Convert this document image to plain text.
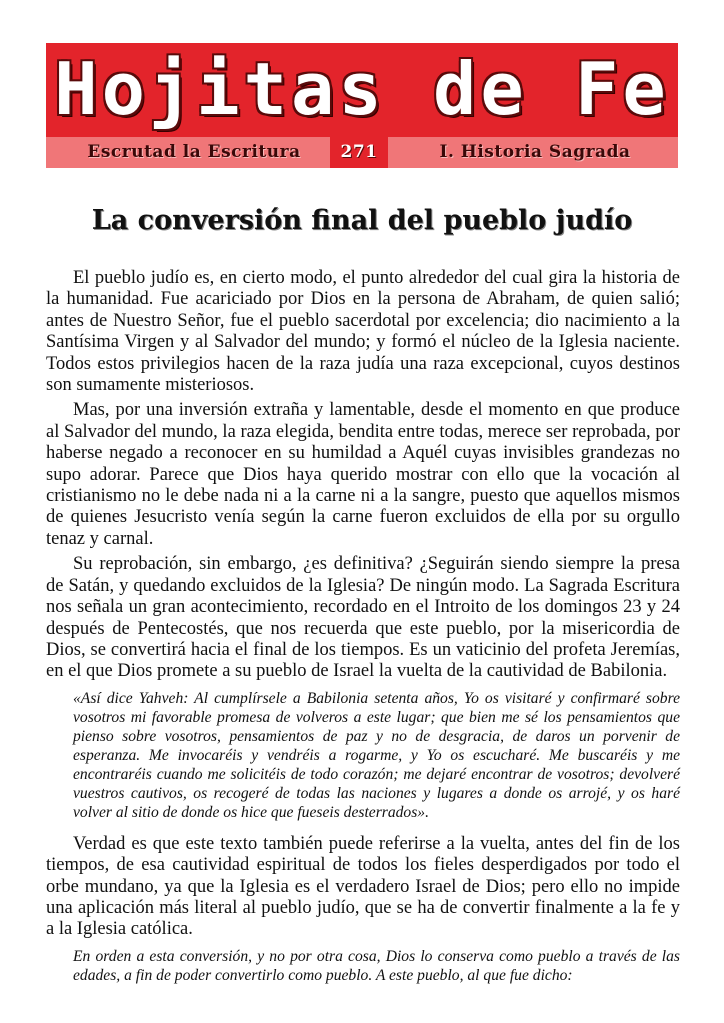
Hojitas de Fe
Escrutad la Escritura	271	I. Historia Sagrada
La conversión final del pueblo judío

El pueblo judío es, en cierto modo, el punto alrededor del cual gira la historia de la humanidad. Fue acariciado por Dios en la persona de Abraham, de quien salió; antes de Nuestro Señor, fue el pueblo sacerdotal por excelencia; dio nacimiento a la Santísima Virgen y al Salvador del mundo; y formó el núcleo de la Iglesia naciente. Todos estos privilegios hacen de la raza judía una raza excepcional, cuyos destinos son sumamente misteriosos.

Mas, por una inversión extraña y lamentable, desde el momento en que produce al Salvador del mundo, la raza elegida, bendita entre todas, merece ser reprobada, por haberse negado a reconocer en su humildad a Aquél cuyas invisibles grandezas no supo adorar. Parece que Dios haya querido mostrar con ello que la vocación al cristianismo no le debe nada ni a la carne ni a la sangre, puesto que aquellos mismos de quienes Jesucristo venía según la carne fueron excluidos de ella por su orgullo tenaz y carnal.

Su reprobación, sin embargo, ¿es definitiva? ¿Seguirán siendo siempre la presa de Satán, y quedando excluidos de la Iglesia? De ningún modo. La Sagrada Escritura nos señala un gran acontecimiento, recordado en el Introito de los domingos 23 y 24 después de Pentecostés, que nos recuerda que este pueblo, por la misericordia de Dios, se convertirá hacia el final de los tiempos. Es un vaticinio del profeta Jeremías, en el que Dios promete a su pueblo de Israel la vuelta de la cautividad de Babilonia.

«Así dice Yahveh: Al cumplírsele a Babilonia setenta años, Yo os visitaré y confirmaré sobre vosotros mi favorable promesa de volveros a este lugar; que bien me sé los pensamientos que pienso sobre vosotros, pensamientos de paz y no de desgracia, de daros un porvenir de esperanza. Me invocaréis y vendréis a rogarme, y Yo os escucharé. Me buscaréis y me encontraréis cuando me solicitéis de todo corazón; me dejaré encontrar de vosotros; devolveré vuestros cautivos, os recogeré de todas las naciones y lugares a donde os arrojé, y os haré volver al sitio de donde os hice que fueseis desterrados».

Verdad es que este texto también puede referirse a la vuelta, antes del fin de los tiempos, de esa cautividad espiritual de todos los fieles desperdigados por todo el orbe mundano, ya que la Iglesia es el verdadero Israel de Dios; pero ello no impide una aplicación más literal al pueblo judío, que se ha de convertir finalmente a la fe y a la Iglesia católica.

En orden a esta conversión, y no por otra cosa, Dios lo conserva como pueblo a través de las edades, a fin de poder convertirlo como pueblo. A este pueblo, al que fue dicho:
